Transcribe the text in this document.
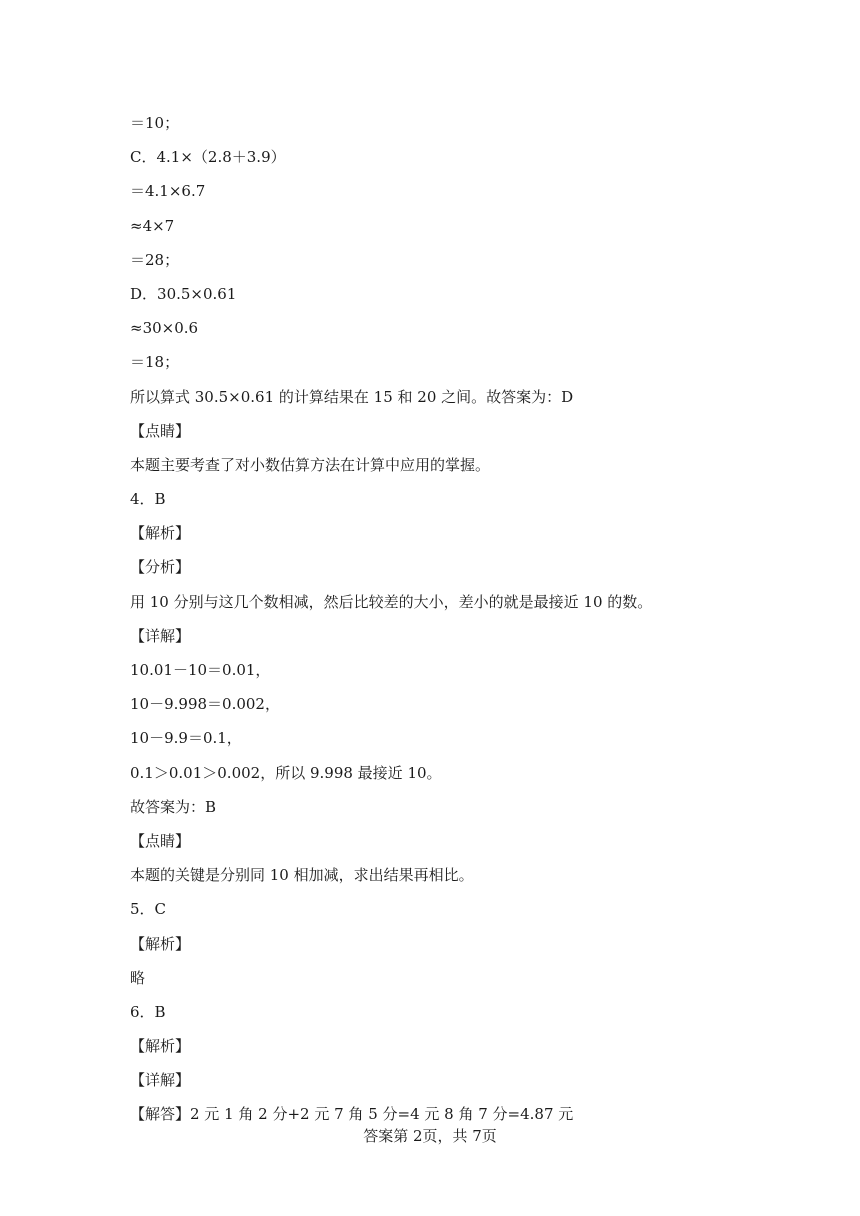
＝10；
C．4.1×（2.8＋3.9）
＝4.1×6.7
≈4×7
＝28；
D．30.5×0.61
≈30×0.6
＝18；
所以算式 30.5×0.61 的计算结果在 15 和 20 之间。故答案为：D
【点睛】
本题主要考查了对小数估算方法在计算中应用的掌握。
4．B
【解析】
【分析】
用 10 分别与这几个数相减，然后比较差的大小，差小的就是最接近 10 的数。
【详解】
10.01－10＝0.01，
10－9.998＝0.002，
10－9.9＝0.1，
0.1＞0.01＞0.002，所以 9.998 最接近 10。
故答案为：B
【点睛】
本题的关键是分别同 10 相加减，求出结果再相比。
5．C
【解析】
略
6．B
【解析】
【详解】
【解答】2 元 1 角 2 分+2 元 7 角 5 分=4 元 8 角 7 分=4.87 元
答案第 2页，共 7页
